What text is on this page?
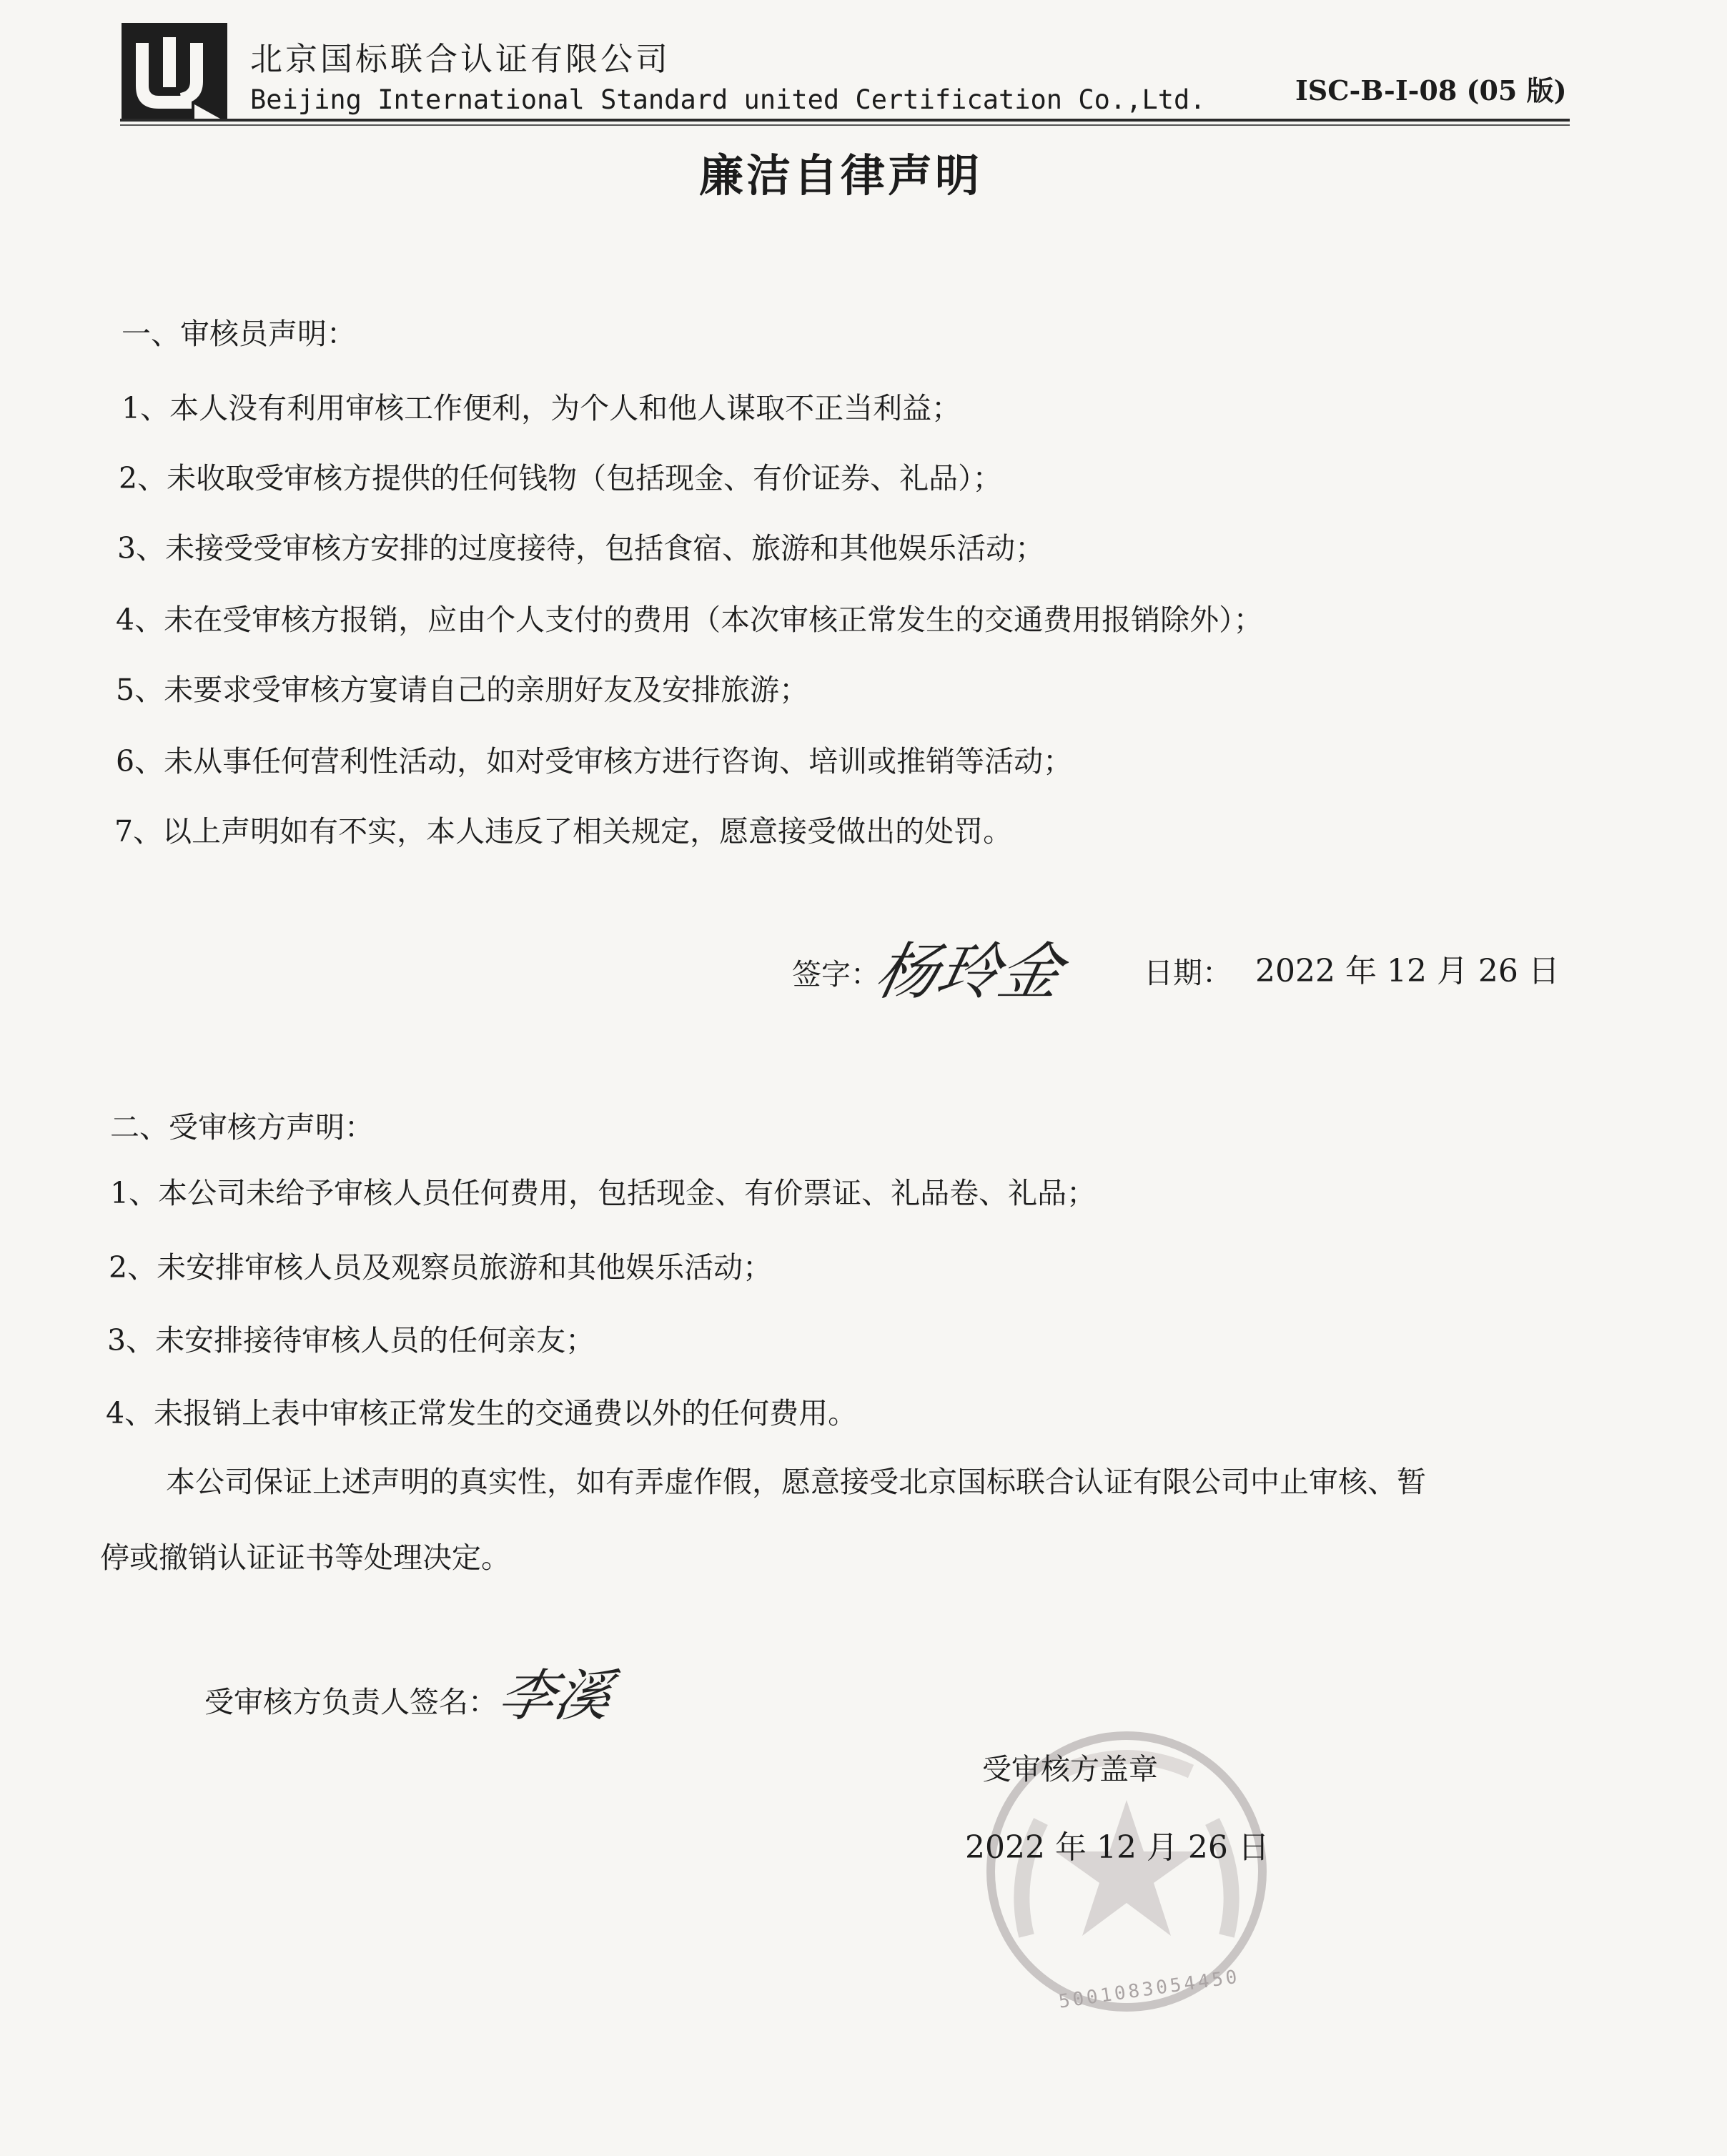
北京国标联合认证有限公司
Beijing International Standard united Certification Co.,Ltd.	ISC-B-I-08 (05 版)
廉洁自律声明
一、审核员声明：
1、本人没有利用审核工作便利，为个人和他人谋取不正当利益；
2、未收取受审核方提供的任何钱物（包括现金、有价证券、礼品）；
3、未接受受审核方安排的过度接待，包括食宿、旅游和其他娱乐活动；
4、未在受审核方报销，应由个人支付的费用（本次审核正常发生的交通费用报销除外）；
5、未要求受审核方宴请自己的亲朋好友及安排旅游；
6、未从事任何营利性活动，如对受审核方进行咨询、培训或推销等活动；
7、以上声明如有不实，本人违反了相关规定，愿意接受做出的处罚。
签字：
杨玲金	日期： 2022 年 12 月 26 日
二、受审核方声明：
1、本公司未给予审核人员任何费用，包括现金、有价票证、礼品卷、礼品；
2、未安排审核人员及观察员旅游和其他娱乐活动；
3、未安排接待审核人员的任何亲友；
4、未报销上表中审核正常发生的交通费以外的任何费用。
本公司保证上述声明的真实性，如有弄虚作假，愿意接受北京国标联合认证有限公司中止审核、暂
停或撤销认证证书等处理决定。
受审核方负责人签名：
李溪
5001083054450
受审核方盖章
2022 年 12 月 26 日
